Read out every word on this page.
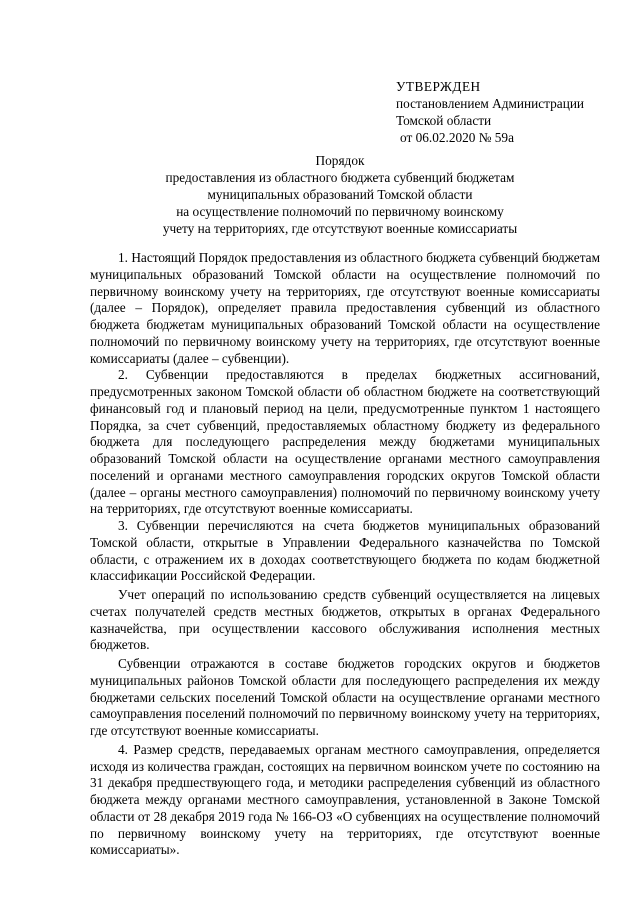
УТВЕРЖДЕН
постановлением Администрации
Томской области
от 06.02.2020 № 59а
Порядок
предоставления из областного бюджета субвенций бюджетам
муниципальных образований Томской области
на осуществление полномочий по первичному воинскому
учету на территориях, где отсутствуют военные комиссариаты

1. Настоящий Порядок предоставления из областного бюджета субвенций бюджетам муниципальных образований Томской области на осуществление полномочий по первичному воинскому учету на территориях, где отсутствуют военные комиссариаты (далее – Порядок), определяет правила предоставления субвенций из областного бюджета бюджетам муниципальных образований Томской области на осуществление полномочий по первичному воинскому учету на территориях, где отсутствуют военные комиссариаты (далее – субвенции).

2. Субвенции предоставляются в пределах бюджетных ассигнований, предусмотренных законом Томской области об областном бюджете на соответствующий финансовый год и плановый период на цели, предусмотренные пунктом 1 настоящего Порядка, за счет субвенций, предоставляемых областному бюджету из федерального бюджета для последующего распределения между бюджетами муниципальных образований Томской области на осуществление органами местного самоуправления поселений и органами местного самоуправления городских округов Томской области (далее – органы местного самоуправления) полномочий по первичному воинскому учету на территориях, где отсутствуют военные комиссариаты.

3. Субвенции перечисляются на счета бюджетов муниципальных образований Томской области, открытые в Управлении Федерального казначейства по Томской области, с отражением их в доходах соответствующего бюджета по кодам бюджетной классификации Российской Федерации.

Учет операций по использованию средств субвенций осуществляется на лицевых счетах получателей средств местных бюджетов, открытых в органах Федерального казначейства, при осуществлении кассового обслуживания исполнения местных бюджетов.

Субвенции отражаются в составе бюджетов городских округов и бюджетов муниципальных районов Томской области для последующего распределения их между бюджетами сельских поселений Томской области на осуществление органами местного самоуправления поселений полномочий по первичному воинскому учету на территориях, где отсутствуют военные комиссариаты.

4. Размер средств, передаваемых органам местного самоуправления, определяется исходя из количества граждан, состоящих на первичном воинском учете по состоянию на 31 декабря предшествующего года, и методики распределения субвенций из областного бюджета между органами местного самоуправления, установленной в Законе Томской области от 28 декабря 2019 года № 166-ОЗ «О субвенциях на осуществление полномочий по первичному воинскому учету на территориях, где отсутствуют военные комиссариаты».
